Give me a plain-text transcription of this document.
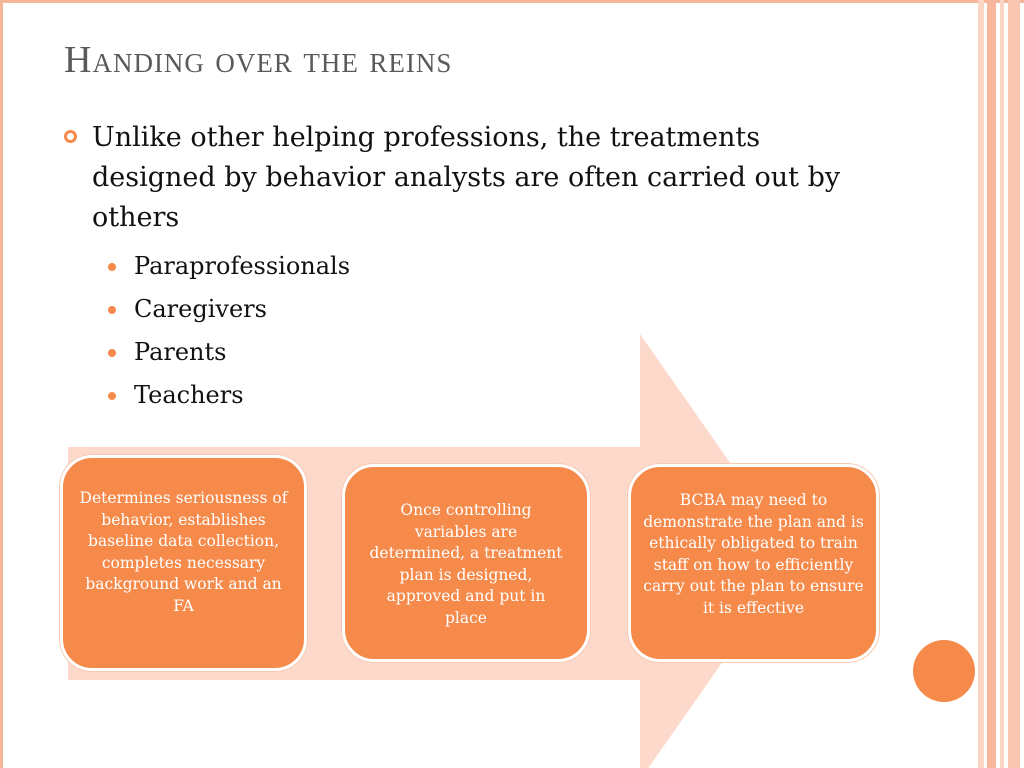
Handing over the reins
Unlike other helping professions, the treatments designed by behavior analysts are often carried out by others
Paraprofessionals
Caregivers
Parents
Teachers
Determines seriousness of behavior, establishes baseline data collection, completes necessary background work and an FA
Once controlling variables are determined, a treatment plan is designed, approved and put in place
BCBA may need to demonstrate the plan and is ethically obligated to train staff on how to efficiently carry out the plan to ensure it is effective
